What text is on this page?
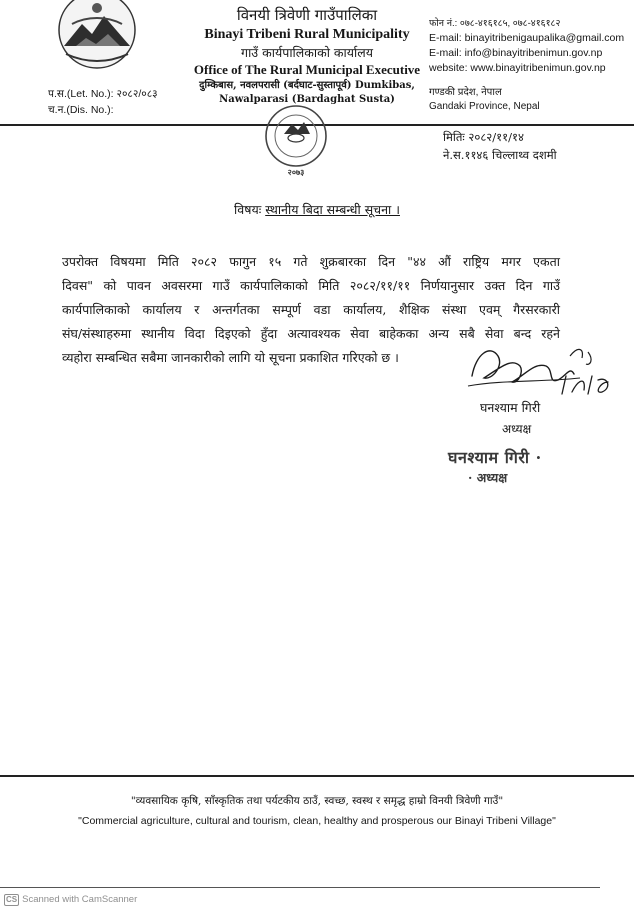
विनयी त्रिवेणी गाउँपालिका
Binayi Tribeni Rural Municipality
गाउँ कार्यपालिकाको कार्यालय
Office of The Rural Municipal Executive
दुम्किबास, नवलपरासी (बर्दघाट-सुस्तापूर्व) Dumkibas, Nawalparasi (Bardaghat Susta)
फोन नं.: ०७८-४१६१८५, ०७८-४१६१८२
E-mail: binayitribenigaupalika@gmail.com
E-mail: info@binayitribenimun.gov.np
website: www.binayitribenimun.gov.np
गण्डकी प्रदेश, नेपाल
Gandaki Province, Nepal
प.स.(Let. No.): २०८२/०८३
च.न.(Dis. No.):
२०७३
मितिः २०८२/११/१४
ने.स.११४६ चिल्लाथ्व दशमी
विषयः स्थानीय बिदा सम्बन्धी सूचना ।
उपरोक्त विषयमा मिति २०८२ फागुन १५ गते शुक्रबारका दिन "४४ औं राष्ट्रिय मगर एकता
दिवस" को पावन अवसरमा गाउँ कार्यपालिकाको मिति २०८२/११/११ निर्णयानुसार उक्त दिन गाउँ
कार्यपालिकाको कार्यालय र अन्तर्गतका सम्पूर्ण वडा कार्यालय, शैक्षिक संस्था एवम् गैरसरकारी
संघ/संस्थाहरुमा स्थानीय विदा दिइएको हुँदा अत्यावश्यक सेवा बाहेकका अन्य सबै सेवा बन्द रहने
व्यहोरा सम्बन्धित सबैमा जानकारीको लागि यो सूचना प्रकाशित गरिएको छ ।
घनश्याम गिरी
अध्यक्ष
घनश्याम गिरी ·
· अध्यक्ष
"व्यवसायिक कृषि, साँस्कृतिक तथा पर्यटकीय ठाउँ, स्वच्छ, स्वस्थ र समृद्ध हाम्रो विनयी त्रिवेणी गाउँ"
"Commercial agriculture, cultural and tourism, clean, healthy and prosperous our Binayi Tribeni Village"
CS Scanned with CamScanner
